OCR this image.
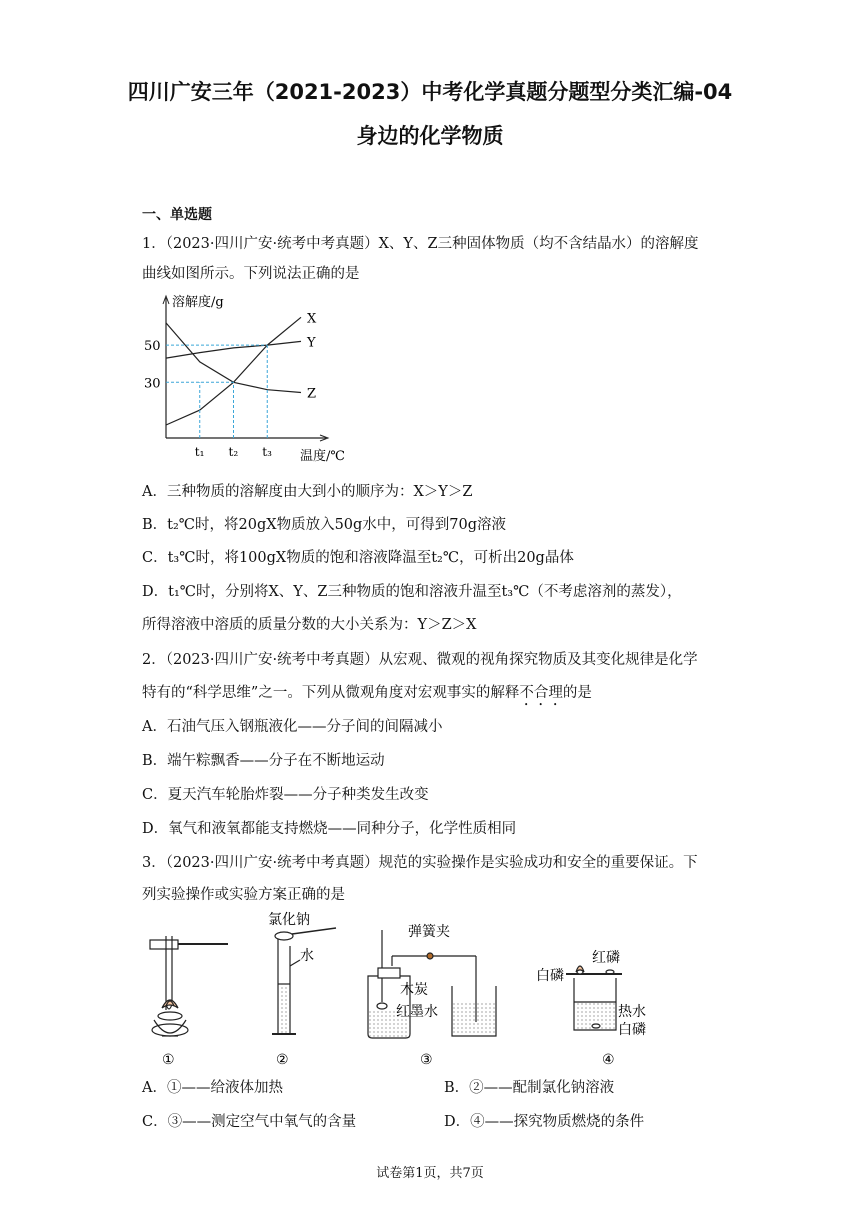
四川广安三年（2021-2023）中考化学真题分题型分类汇编-04
身边的化学物质
一、单选题
1．（2023·四川广安·统考中考真题）X、Y、Z三种固体物质（均不含结晶水）的溶解度
曲线如图所示。下列说法正确的是
溶解度/g
温度/℃
X
Y
Z
t₁ t₂ t₃
30
50
A．三种物质的溶解度由大到小的顺序为：X＞Y＞Z
B．t₂℃时，将20gX物质放入50g水中，可得到70g溶液
C．t₃℃时，将100gX物质的饱和溶液降温至t₂℃，可析出20g晶体
D．t₁℃时，分别将X、Y、Z三种物质的饱和溶液升温至t₃℃（不考虑溶剂的蒸发），
所得溶液中溶质的质量分数的大小关系为：Y＞Z＞X
2．（2023·四川广安·统考中考真题）从宏观、微观的视角探究物质及其变化规律是化学
特有的“科学思维”之一。下列从微观角度对宏观事实的解释不合理的是
A．石油气压入钢瓶液化——分子间的间隔减小
B．端午粽飘香——分子在不断地运动
C．夏天汽车轮胎炸裂——分子种类发生改变
D．氧气和液氧都能支持燃烧——同种分子，化学性质相同
3．（2023·四川广安·统考中考真题）规范的实验操作是实验成功和安全的重要保证。下
列实验操作或实验方案正确的是
①
氯化钠
水
②
弹簧夹
木炭
红墨水
③
白磷
红磷
热水
白磷
④
A．①——给液体加热	B．②——配制氯化钠溶液
C．③——测定空气中氧气的含量	D．④——探究物质燃烧的条件
试卷第1页，共7页
